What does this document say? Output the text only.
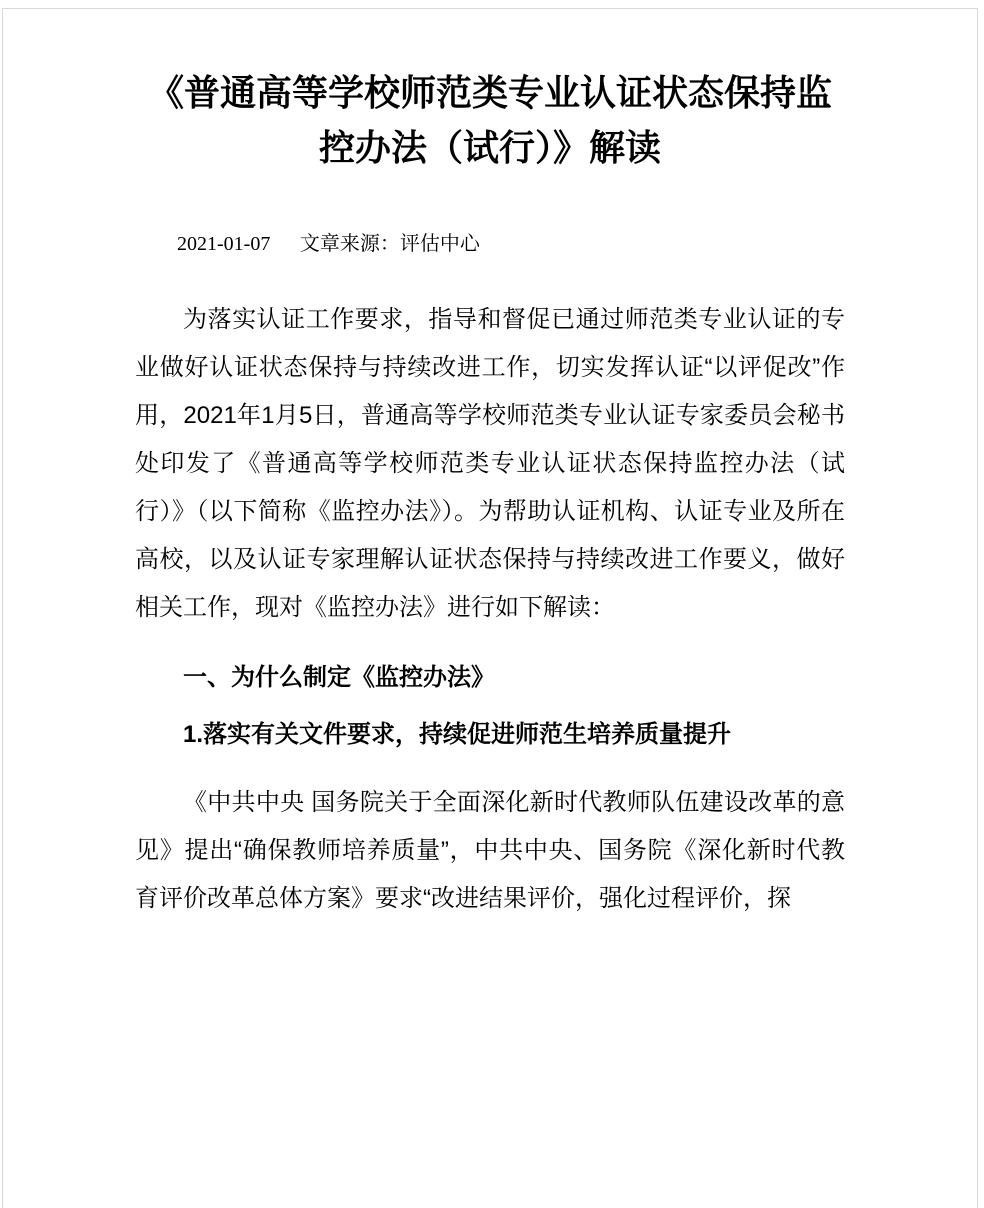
《普通高等学校师范类专业认证状态保持监控办法（试行）》解读
2021-01-07 文章来源：评估中心

为落实认证工作要求，指导和督促已通过师范类专业认证的专业做好认证状态保持与持续改进工作，切实发挥认证“以评促改”作用，2021年1月5日，普通高等学校师范类专业认证专家委员会秘书处印发了《普通高等学校师范类专业认证状态保持监控办法（试行）》（以下简称《监控办法》）。为帮助认证机构、认证专业及所在高校，以及认证专家理解认证状态保持与持续改进工作要义，做好相关工作，现对《监控办法》进行如下解读：

一、为什么制定《监控办法》
1.落实有关文件要求，持续促进师范生培养质量提升

《中共中央 国务院关于全面深化新时代教师队伍建设改革的意见》提出“确保教师培养质量”，中共中央、国务院《深化新时代教育评价改革总体方案》要求“改进结果评价，强化过程评价，探
